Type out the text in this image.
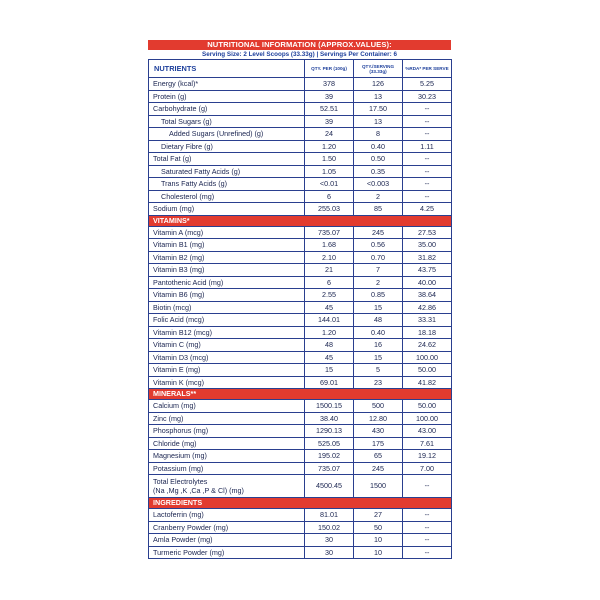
NUTRITIONAL INFORMATION (APPROX.VALUES):
Serving Size: 2 Level Scoops (33.33g) | Servings Per Container: 6
NUTRIENTS	QTY. PER (100g)	QTY./SERVING (33.33g)	%RDA* PER SERVE
Energy (kcal)*	378	126	5.25
Protein (g)	39	13	30.23
Carbohydrate (g)	52.51	17.50	--
Total Sugars (g)	39	13	--
Added Sugars (Unrefined) (g)	24	8	--
Dietary Fibre (g)	1.20	0.40	1.11
Total Fat (g)	1.50	0.50	--
Saturated Fatty Acids (g)	1.05	0.35	--
Trans Fatty Acids (g)	<0.01	<0.003	--
Cholesterol (mg)	6	2	--
Sodium (mg)	255.03	85	4.25
VITAMINS*			
Vitamin A (mcg)	735.07	245	27.53
Vitamin B1 (mg)	1.68	0.56	35.00
Vitamin B2 (mg)	2.10	0.70	31.82
Vitamin B3 (mg)	21	7	43.75
Pantothenic Acid (mg)	6	2	40.00
Vitamin B6 (mg)	2.55	0.85	38.64
Biotin (mcg)	45	15	42.86
Folic Acid (mcg)	144.01	48	33.31
Vitamin B12 (mcg)	1.20	0.40	18.18
Vitamin C (mg)	48	16	24.62
Vitamin D3 (mcg)	45	15	100.00
Vitamin E (mg)	15	5	50.00
Vitamin K (mcg)	69.01	23	41.82
MINERALS**			
Calcium (mg)	1500.15	500	50.00
Zinc (mg)	38.40	12.80	100.00
Phosphorus (mg)	1290.13	430	43.00
Chloride (mg)	525.05	175	7.61
Magnesium (mg)	195.02	65	19.12
Potassium (mg)	735.07	245	7.00

Total Electrolytes
(Na ,Mg ,K ,Ca ,P & Cl) (mg)	4500.45	1500	--
INGREDIENTS			
Lactoferrin (mg)	81.01	27	--
Cranberry Powder (mg)	150.02	50	--
Amla Powder (mg)	30	10	--
Turmeric Powder (mg)	30	10	--
